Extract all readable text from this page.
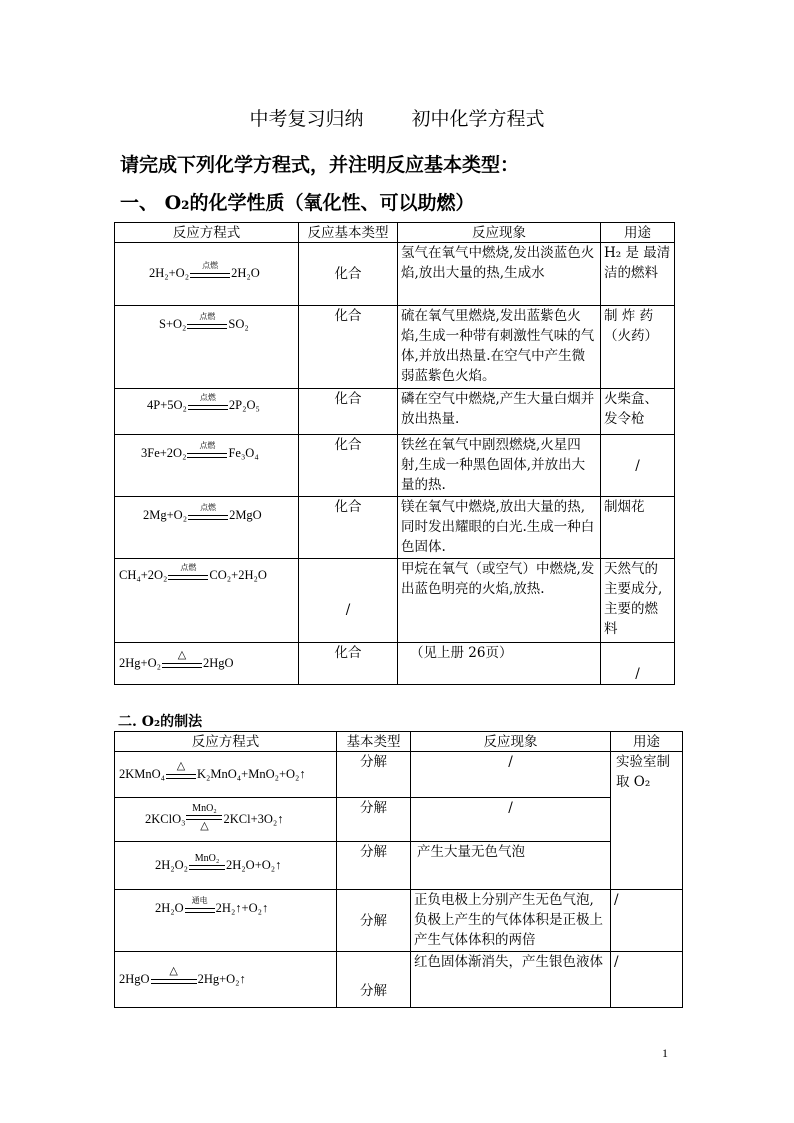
中考复习归纳	初中化学方程式
请完成下列化学方程式，并注明反应基本类型：
一、 O₂的化学性质（氧化性、可以助燃）
反应方程式	反应基本类型	反应现象	用途
2H₂+O₂
点燃
2H₂O	化合	氢气在氧气中燃烧,发出淡蓝色火焰,放出大量的热,生成水	H₂ 是 最清洁的燃料
S+O₂
点燃
SO₂	化合	硫在氧气里燃烧,发出蓝紫色火焰,生成一种带有刺激性气味的气体,并放出热量.在空气中产生微弱蓝紫色火焰。	制 炸 药（火药）
4P+5O₂
点燃
2P₂O₅	化合	磷在空气中燃烧,产生大量白烟并放出热量.	火柴盒、发令枪
3Fe+2O₂
点燃
Fe₃O₄	化合	铁丝在氧气中剧烈燃烧,火星四射,生成一种黑色固体,并放出大量的热.	/
2Mg+O₂
点燃
2MgO	化合	镁在氧气中燃烧,放出大量的热,同时发出耀眼的白光.生成一种白色固体.	制烟花
CH₄+2O₂
点燃
CO₂+2H₂O	/	甲烷在氧气（或空气）中燃烧,发出蓝色明亮的火焰,放热.	天然气的主要成分,主要的燃料
2Hg+O₂
△
2HgO	化合	（见上册 26页）	/
二. O₂的制法
反应方程式	基本类型	反应现象	用途
2KMnO₄
△
K₂MnO₄+MnO₂+O₂↑	分解	/	实验室制取 O₂
2KClO₃
MnO₂
△
2KCl+3O₂↑	分解	/	
2H₂O₂ MnO₂ 2H₂O+O₂↑	分解	产生大量无色气泡	
2H₂O
通电
2H₂↑+O₂↑	分解	正负电极上分别产生无色气泡,负极上产生的气体体积是正极上产生气体体积的两倍	/
2HgO
△
2Hg+O₂↑	分解	红色固体渐消失，产生银色液体	/
1
